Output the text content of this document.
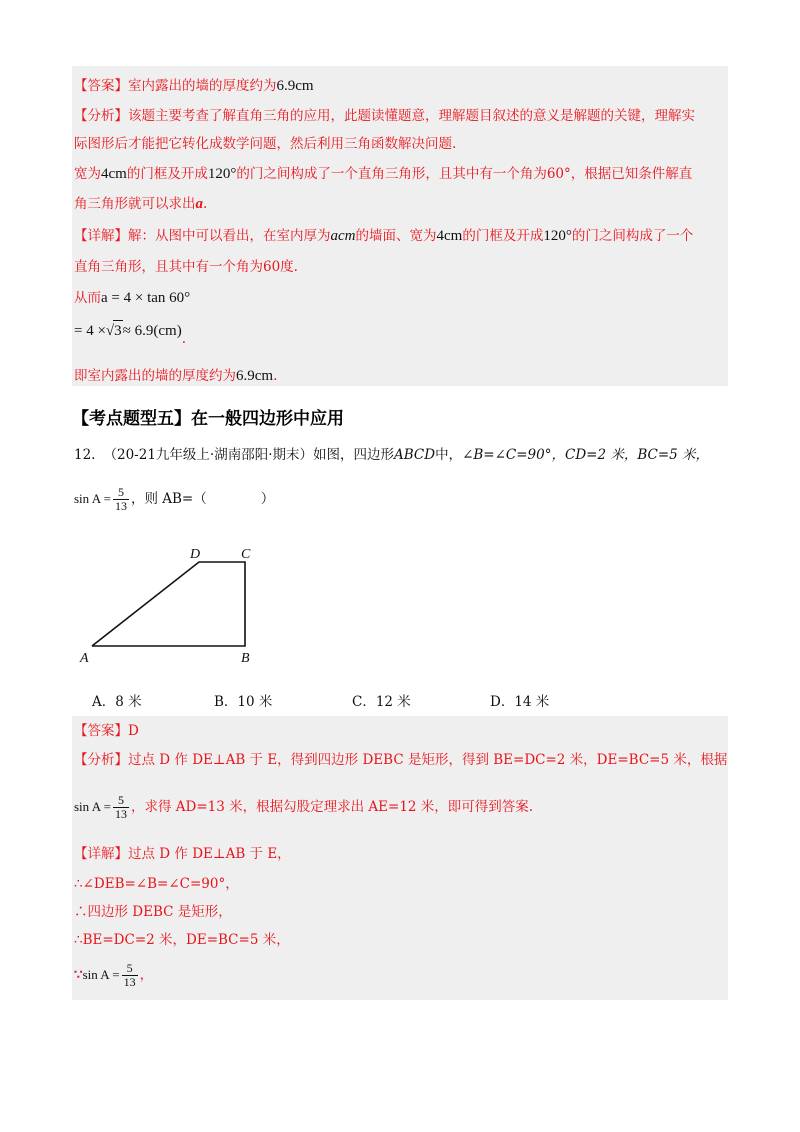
【答案】室内露出的墙的厚度约为6.9cm
【分析】该题主要考查了解直角三角的应用，此题读懂题意，理解题目叙述的意义是解题的关键，理解实
际图形后才能把它转化成数学问题，然后利用三角函数解决问题.
宽为4cm的门框及开成120°的门之间构成了一个直角三角形，且其中有一个角为60°，根据已知条件解直
角三角形就可以求出a.
【详解】解：从图中可以看出，在室内厚为acm的墙面、宽为4cm的门框及开成120°的门之间构成了一个
直角三角形，且其中有一个角为60度.
从而a = 4 × tan 60°
= 4 ×√3≈ 6.9(cm).
即室内露出的墙的厚度约为6.9cm.
【考点题型五】在一般四边形中应用
12. （20-21九年级上·湖南邵阳·期末）如图，四边形ABCD中，∠B=∠C=90°，CD=2 米，BC=5 米，
$\sin A = \frac{5}{13}$ ，则 AB=（　　　　）
A	B
C
D
A．8 米	B．10 米	C．12 米	D．14 米
【答案】D
【分析】过点 D 作 DE⊥AB 于 E，得到四边形 DEBC 是矩形，得到 BE=DC=2 米，DE=BC=5 米，根据
$\sin A = \frac{5}{13}$ ，求得 AD=13 米，根据勾股定理求出 AE=12 米，即可得到答案.
【详解】过点 D 作 DE⊥AB 于 E，
∴∠DEB=∠B=∠C=90°，
∴四边形 DEBC 是矩形，
∴BE=DC=2 米，DE=BC=5 米，
∵sin $A = \frac{5}{13}$ ，
